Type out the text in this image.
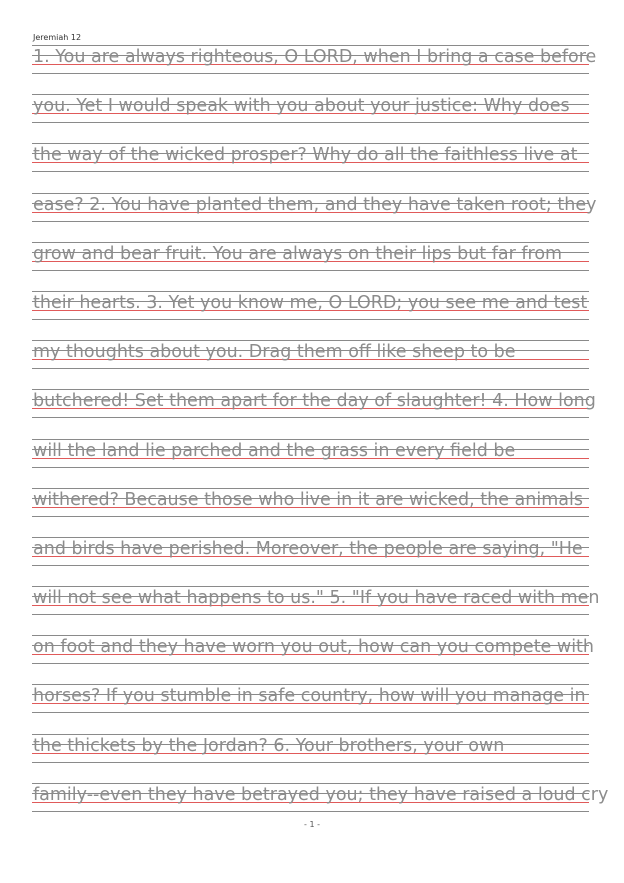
Jeremiah 12
1. You are always righteous, O LORD, when I bring a case before
you. Yet I would speak with you about your justice: Why does
the way of the wicked prosper? Why do all the faithless live at
ease? 2. You have planted them, and they have taken root; they
grow and bear fruit. You are always on their lips but far from
their hearts. 3. Yet you know me, O LORD; you see me and test
my thoughts about you. Drag them off like sheep to be
butchered! Set them apart for the day of slaughter! 4. How long
will the land lie parched and the grass in every field be
withered? Because those who live in it are wicked, the animals
and birds have perished. Moreover, the people are saying, "He
will not see what happens to us." 5. "If you have raced with men
on foot and they have worn you out, how can you compete with
horses? If you stumble in safe country, how will you manage in
the thickets by the Jordan? 6. Your brothers, your own
family--even they have betrayed you; they have raised a loud cry
- 1 -
